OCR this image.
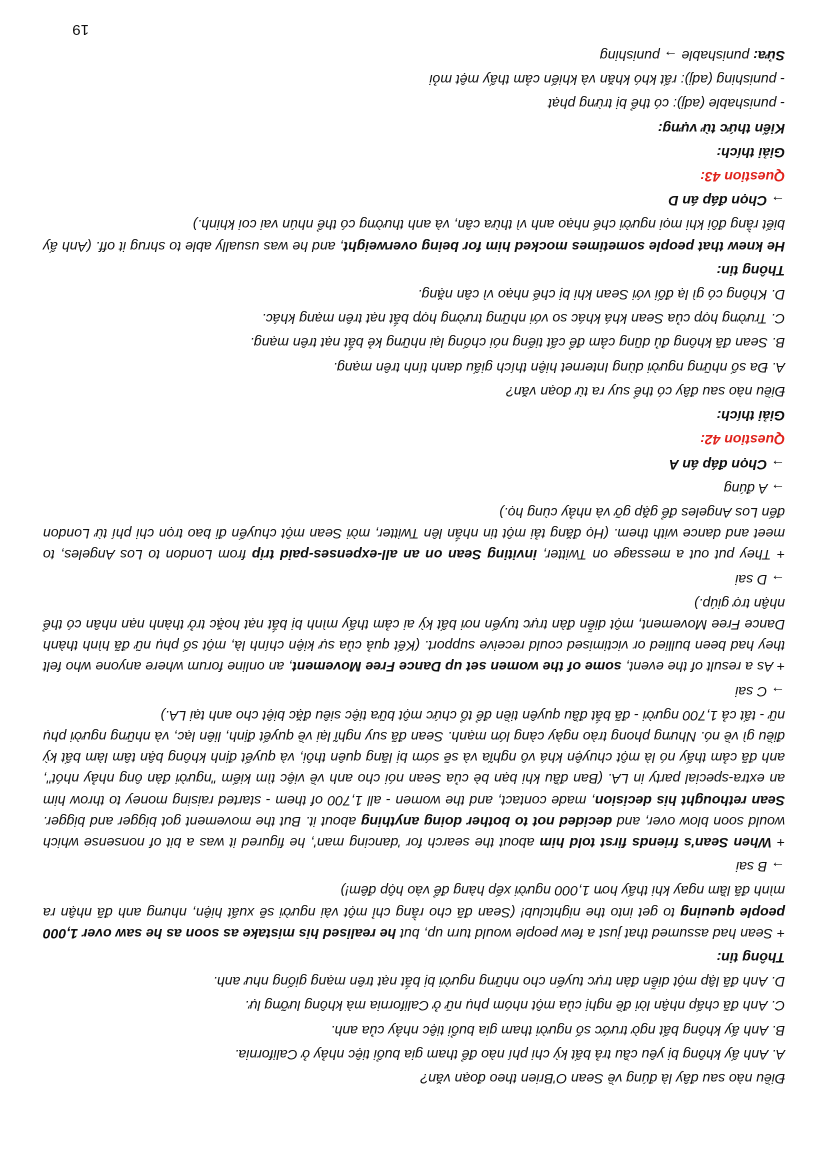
Điều nào sau đây là đúng về Sean O'Brien theo đoạn văn?

A. Anh ấy không bị yêu cầu trả bất kỳ chi phí nào để tham gia buổi tiệc nhảy ở California.

B. Anh ấy không bất ngờ trước số người tham gia buổi tiệc nhảy của anh.

C. Anh đã chấp nhận lời đề nghị của một nhóm phụ nữ ở California mà không lưỡng lự.

D. Anh đã lập một diễn đàn trực tuyến cho những người bị bắt nạt trên mạng giống như anh.

Thông tin:

+ Sean had assumed that just a few people would turn up, but he realised his mistake as soon as he saw over 1,000 people queuing to get into the nightclub! (Sean đã cho rằng chỉ một vài người sẽ xuất hiện, nhưng anh đã nhận ra mình đã lầm ngay khi thấy hơn 1,000 người xếp hàng để vào hộp đêm!)

→ B sai

+ When Sean's friends first told him about the search for 'dancing man', he figured it was a bit of nonsense which would soon blow over, and decided not to bother doing anything about it. But the movement got bigger and bigger. Sean rethought his decision, made contact, and the women - all 1,700 of them - started raising money to throw him an extra-special party in LA. (Ban đầu khi bạn bè của Sean nói cho anh về việc tìm kiếm "người đàn ông nhảy nhót", anh đã cảm thấy nó là một chuyện khá vô nghĩa và sẽ sớm bị lãng quên thôi, và quyết định không bận tâm làm bất kỳ điều gì về nó. Nhưng phong trào ngày càng lớn mạnh. Sean đã suy nghĩ lại về quyết định, liên lạc, và những người phụ nữ - tất cả 1,700 người - đã bắt đầu quyên tiền để tổ chức một bữa tiệc siêu đặc biệt cho anh tại LA.)

→ C sai

+ As a result of the event, some of the women set up Dance Free Movement, an online forum where anyone who felt they had been bullied or victimised could receive support. (Kết quả của sự kiện chính là, một số phụ nữ đã hình thành Dance Free Movement, một diễn đàn trực tuyến nơi bất kỳ ai cảm thấy mình bị bắt nạt hoặc trở thành nạn nhân có thể nhận trợ giúp.)

→ D sai

+ They put out a message on Twitter, inviting Sean on an all-expenses-paid trip from London to Los Angeles, to meet and dance with them. (Họ đăng tải một tin nhắn lên Twitter, mời Sean một chuyến đi bao trọn chi phí từ London đến Los Angeles để gặp gỡ và nhảy cùng họ.)

→ A đúng

→ Chọn đáp án A

Question 42:

Giải thích:

Điều nào sau đây có thể suy ra từ đoạn văn?

A. Đa số những người dùng Internet hiện thích giấu danh tính trên mạng.

B. Sean đã không đủ dũng cảm để cất tiếng nói chống lại những kẻ bắt nạt trên mạng.

C. Trường hợp của Sean khá khác so với những trường hợp bắt nạt trên mạng khác.

D. Không có gì lạ đối với Sean khi bị chế nhạo vì cân nặng.

Thông tin:

He knew that people sometimes mocked him for being overweight, and he was usually able to shrug it off. (Anh ấy biết rằng đôi khi mọi người chế nhạo anh vì thừa cân, và anh thường có thể nhún vai coi khinh.)

→ Chọn đáp án D

Question 43:

Giải thích:

Kiến thức từ vựng:

- punishable (adj): có thể bị trừng phạt

- punishing (adj): rất khó khăn và khiến cảm thấy mệt mỏi

Sửa: punishable → punishing

19
